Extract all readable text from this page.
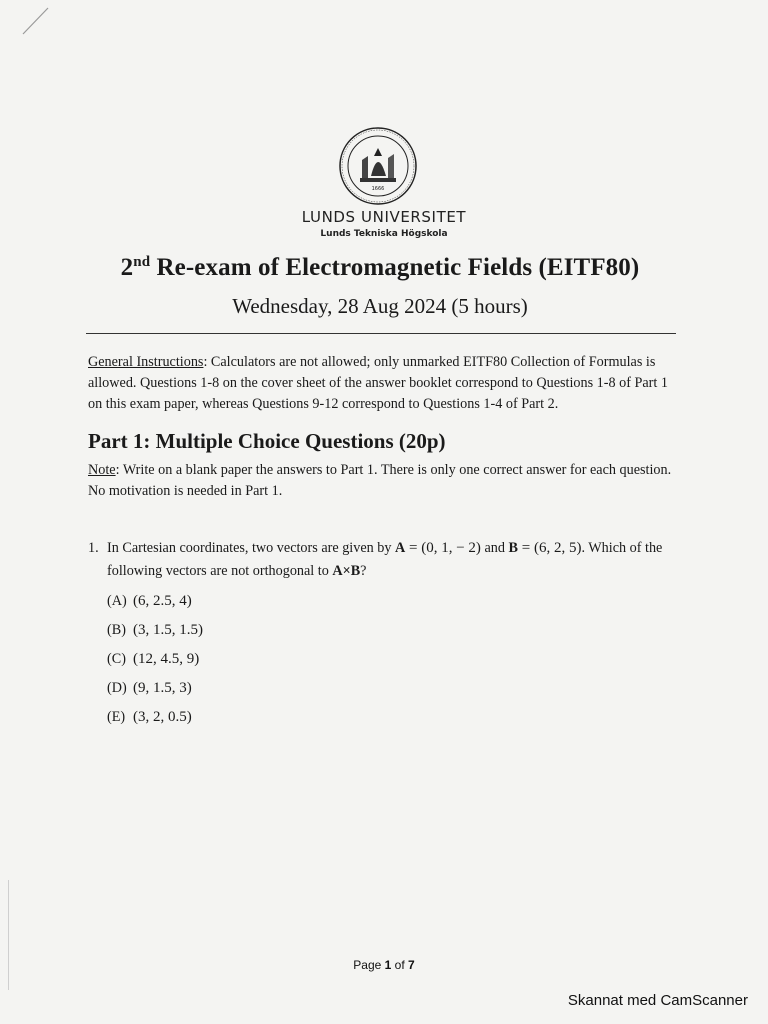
1666
LUNDS UNIVERSITET
Lunds Tekniska Högskola
2nd Re-exam of Electromagnetic Fields (EITF80)
Wednesday, 28 Aug 2024 (5 hours)
General Instructions: Calculators are not allowed; only unmarked EITF80 Collection of Formulas is allowed. Questions 1-8 on the cover sheet of the answer booklet correspond to Questions 1-8 of Part 1 on this exam paper, whereas Questions 9-12 correspond to Questions 1-4 of Part 2.
Part 1: Multiple Choice Questions (20p)
Note: Write on a blank paper the answers to Part 1. There is only one correct answer for each question. No motivation is needed in Part 1.
1. In Cartesian coordinates, two vectors are given by A = (0, 1, − 2) and B = (6, 2, 5). Which of the following vectors are not orthogonal to A×B?
(A) (6, 2.5, 4)
(B) (3, 1.5, 1.5)
(C) (12, 4.5, 9)
(D) (9, 1.5, 3)
(E) (3, 2, 0.5)
Page 1 of 7
Skannat med CamScanner
